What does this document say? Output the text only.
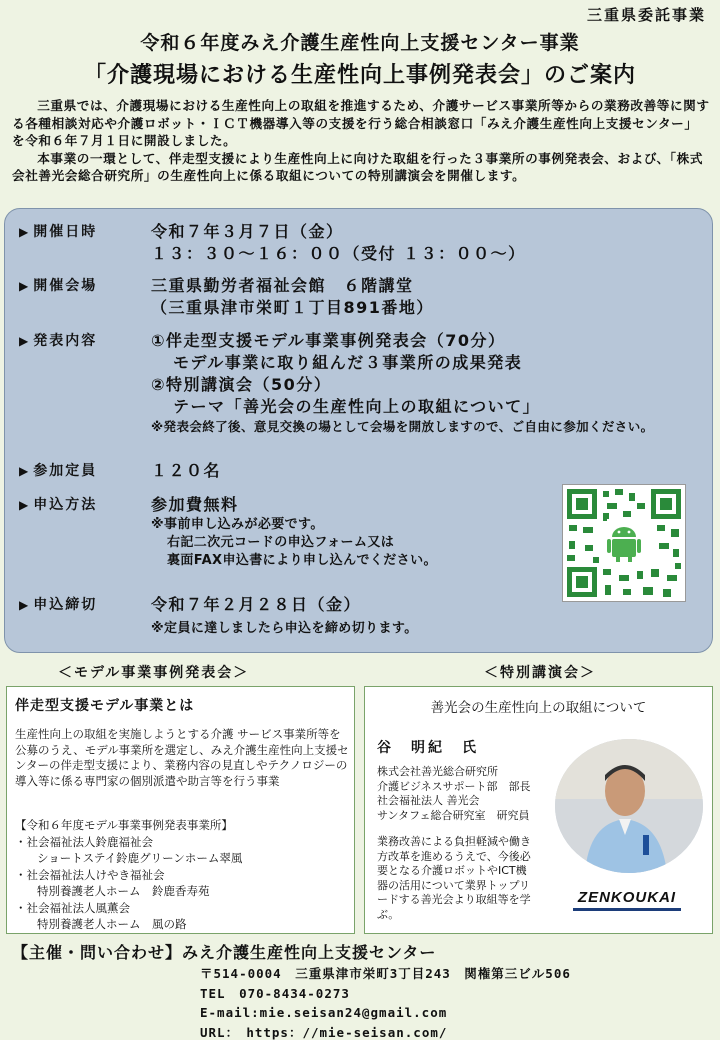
三重県委託事業
令和６年度みえ介護生産性向上支援センター事業
「介護現場における生産性向上事例発表会」のご案内

三重県では、介護現場における生産性向上の取組を推進するため、介護サービス事業所等からの業務改善等に関する各種相談対応や介護ロボット・ＩＣＴ機器導入等の支援を行う総合相談窓口「みえ介護生産性向上支援センター」を令和６年７月１日に開設しました。

本事業の一環として、伴走型支援により生産性向上に向けた取組を行った３事業所の事例発表会、および、「株式会社善光会総合研究所」の生産性向上に係る取組についての特別講演会を開催します。

▶ 開催日時	令和７年３月７日（金）
１３：３０～１６：００（受付 １３：００～）
▶ 開催会場	三重県勤労者福祉会館　６階講堂
（三重県津市栄町１丁目891番地）
▶ 発表内容	①伴走型支援モデル事業事例発表会（70分）
モデル事業に取り組んだ３事業所の成果発表
②特別講演会（50分）
テーマ「善光会の生産性向上の取組について」
※発表会終了後、意見交換の場として会場を開放しますので、ご自由に参加ください。
▶ 参加定員	１２０名
▶ 申込方法	参加費無料
※事前申し込みが必要です。
右記二次元コードの申込フォーム又は
裏面FAX申込書により申し込んでください。
▶ 申込締切	令和７年２月２８日（金）
※定員に達しましたら申込を締め切ります。
＜モデル事業事例発表会＞	＜特別講演会＞
伴走型支援モデル事業とは
生産性向上の取組を実施しようとする介護 サービス事業所等を公募のうえ、モデル事業所を選定し、みえ介護生産性向上支援センターの伴走型支援により、業務内容の見直しやテクノロジーの導入等に係る専門家の個別派遣や助言等を行う事業
【令和６年度モデル事業事例発表事業所】
・社会福祉法人鈴鹿福祉会
ショートステイ鈴鹿グリーンホーム翠風
・社会福祉法人けやき福祉会
特別養護老人ホーム　鈴鹿香寿苑
・社会福祉法人風薫会
特別養護老人ホーム　風の路
善光会の生産性向上の取組について
谷　明紀　氏
株式会社善光総合研究所
介護ビジネスサポート部　部長
社会福祉法人 善光会
サンタフェ総合研究室　研究員
業務改善による負担軽減や働き方改革を進めるうえで、今後必要となる介護ロボットやICT機器の活用について業界トップリードする善光会より取組等を学ぶ。
ZENKOUKAI
【主催・問い合わせ】みえ介護生産性向上支援センター
〒514-0004　三重県津市栄町3丁目243　関権第三ビル506
TEL　070-8434-0273
E-mail:mie.seisan24@gmail.com
URL：　https：//mie-seisan.com/
